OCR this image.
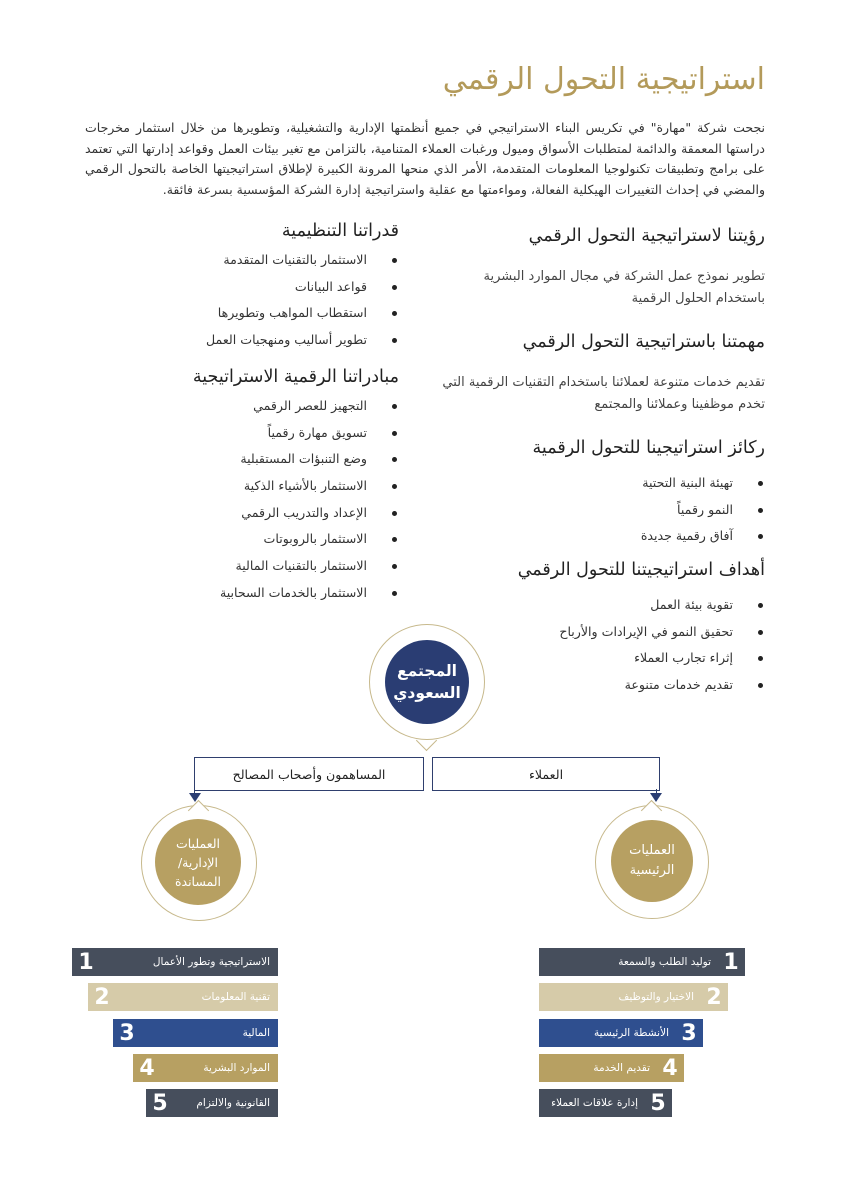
استراتيجية التحول الرقمي
نجحت شركة "مهارة" في تكريس البناء الاستراتيجي في جميع أنظمتها الإدارية والتشغيلية، وتطويرها من خلال استثمار مخرجات دراستها المعمقة والدائمة لمتطلبات الأسواق وميول ورغبات العملاء المتنامية، بالتزامن مع تغير بيئات العمل وقواعد إدارتها التي تعتمد على برامج وتطبيقات تكنولوجيا المعلومات المتقدمة، الأمر الذي منحها المرونة الكبيرة لإطلاق استراتيجيتها الخاصة بالتحول الرقمي والمضي في إحداث التغييرات الهيكلية الفعالة، ومواءمتها مع عقلية واستراتيجية إدارة الشركة المؤسسية بسرعة فائقة.
رؤيتنا لاستراتيجية التحول الرقمي
تطوير نموذج عمل الشركة في مجال الموارد البشرية باستخدام الحلول الرقمية
مهمتنا باستراتيجية التحول الرقمي
تقديم خدمات متنوعة لعملائنا باستخدام التقنيات الرقمية التي تخدم موظفينا وعملائنا والمجتمع
ركائز استراتيجينا للتحول الرقمية
تهيئة البنية التحتية
النمو رقمياً
آفاق رقمية جديدة
أهداف استراتيجيتنا للتحول الرقمي
تقوية بيئة العمل
تحقيق النمو في الإيرادات والأرباح
إثراء تجارب العملاء
تقديم خدمات متنوعة
قدراتنا التنظيمية
الاستثمار بالتقنيات المتقدمة
قواعد البيانات
استقطاب المواهب وتطويرها
تطوير أساليب ومنهجيات العمل
مبادراتنا الرقمية الاستراتيجية
التجهيز للعصر الرقمي
تسويق مهارة رقمياً
وضع التنبؤات المستقبلية
الاستثمار بالأشياء الذكية
الإعداد والتدريب الرقمي
الاستثمار بالروبوتات
الاستثمار بالتقنيات المالية
الاستثمار بالخدمات السحابية
المجتمع السعودي
العملاء
المساهمون وأصحاب المصالح
العمليات الرئيسية
العمليات الإدارية/ المساندة
1
توليد الطلب والسمعة
2
الاختيار والتوظيف
3
الأنشطة الرئيسية
4
تقديم الخدمة
5
إدارة علاقات العملاء
1	الاستراتيجية وتطور الأعمال
2	تقنية المعلومات
3	المالية
4	الموارد البشرية
5	القانونية والالتزام
